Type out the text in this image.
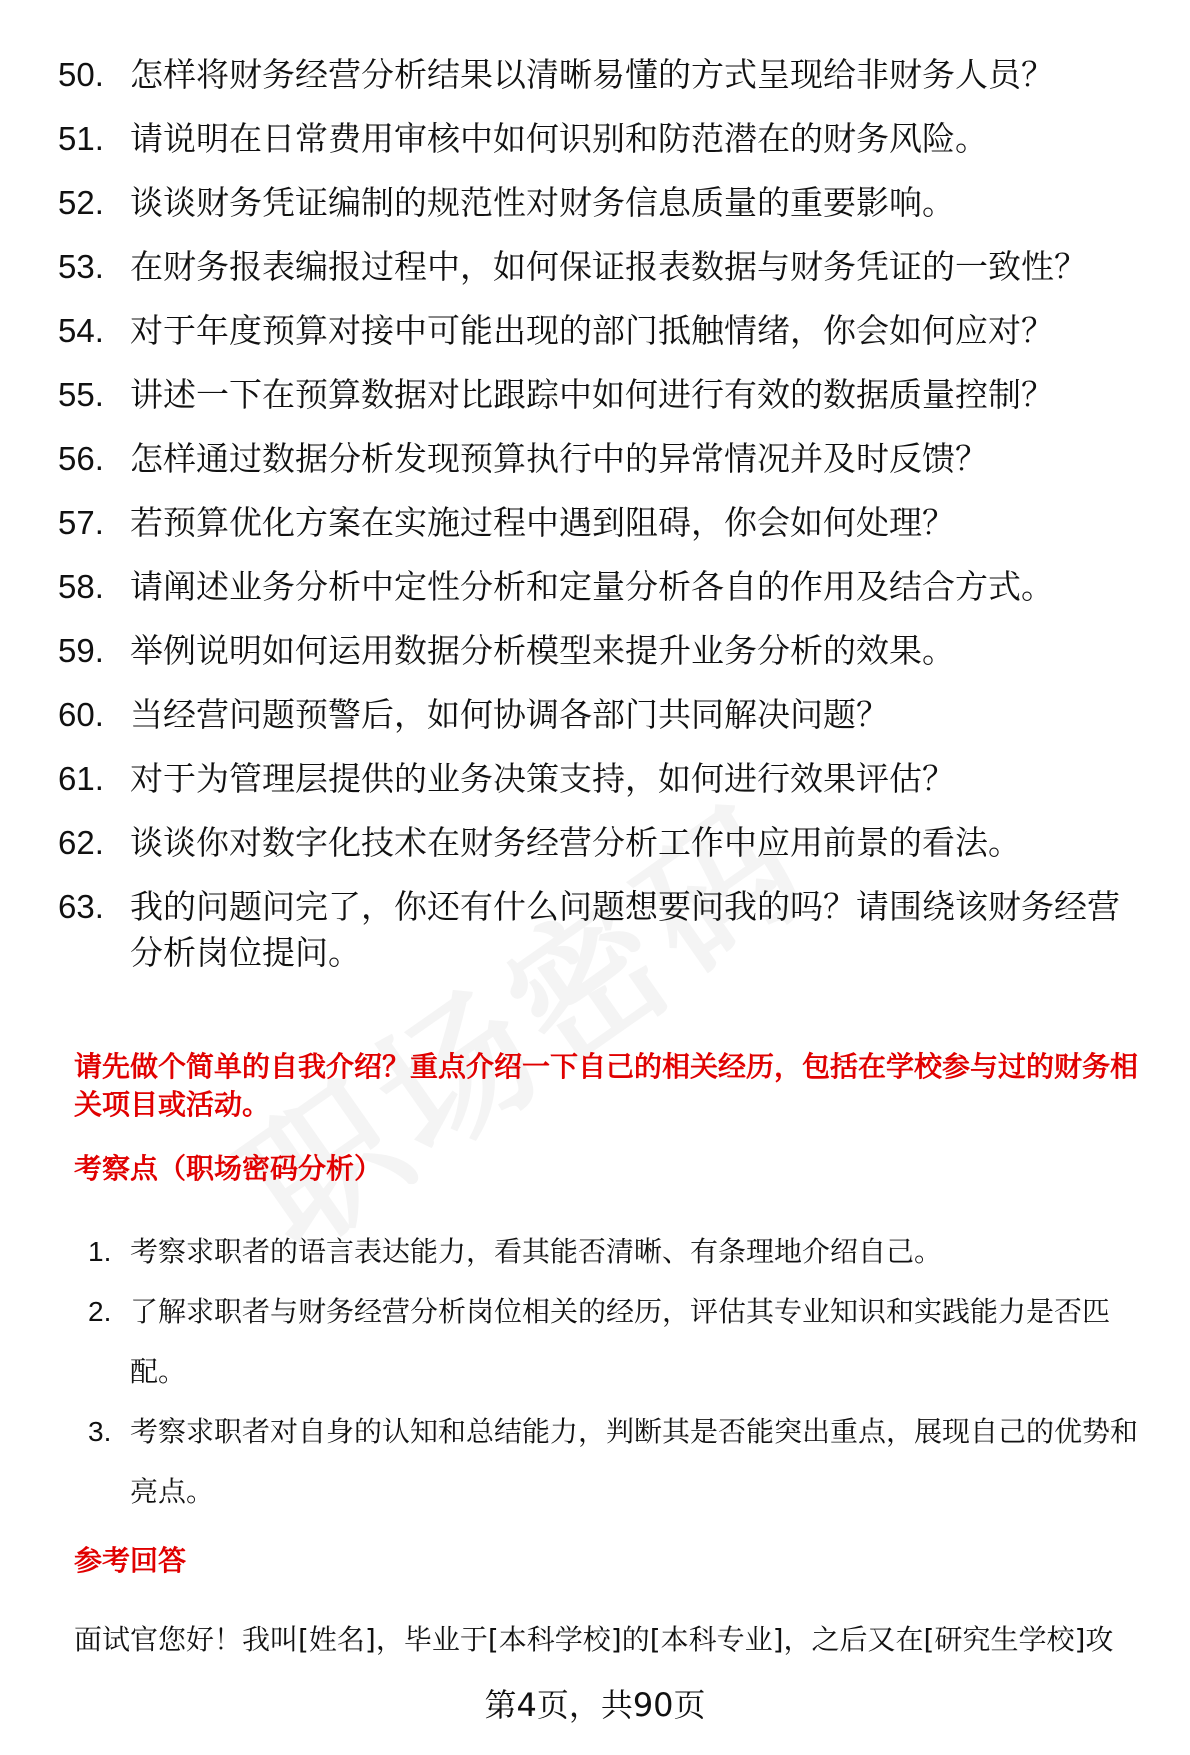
50. 怎样将财务经营分析结果以清晰易懂的方式呈现给非财务人员？
51. 请说明在日常费用审核中如何识别和防范潜在的财务风险。
52. 谈谈财务凭证编制的规范性对财务信息质量的重要影响。
53. 在财务报表编报过程中，如何保证报表数据与财务凭证的一致性？
54. 对于年度预算对接中可能出现的部门抵触情绪，你会如何应对？
55. 讲述一下在预算数据对比跟踪中如何进行有效的数据质量控制？
56. 怎样通过数据分析发现预算执行中的异常情况并及时反馈？
57. 若预算优化方案在实施过程中遇到阻碍，你会如何处理？
58. 请阐述业务分析中定性分析和定量分析各自的作用及结合方式。
59. 举例说明如何运用数据分析模型来提升业务分析的效果。
60. 当经营问题预警后，如何协调各部门共同解决问题？
61. 对于为管理层提供的业务决策支持，如何进行效果评估？
62. 谈谈你对数字化技术在财务经营分析工作中应用前景的看法。
63. 我的问题问完了，你还有什么问题想要问我的吗？请围绕该财务经营分析岗位提问。
请先做个简单的自我介绍？重点介绍一下自己的相关经历，包括在学校参与过的财务相关项目或活动。
考察点（职场密码分析）
1. 考察求职者的语言表达能力，看其能否清晰、有条理地介绍自己。
2. 了解求职者与财务经营分析岗位相关的经历，评估其专业知识和实践能力是否匹配。
3. 考察求职者对自身的认知和总结能力，判断其是否能突出重点，展现自己的优势和亮点。
参考回答
面试官您好！我叫[姓名]，毕业于[本科学校]的[本科专业]，之后又在[研究生学校]攻
第4页，共90页
